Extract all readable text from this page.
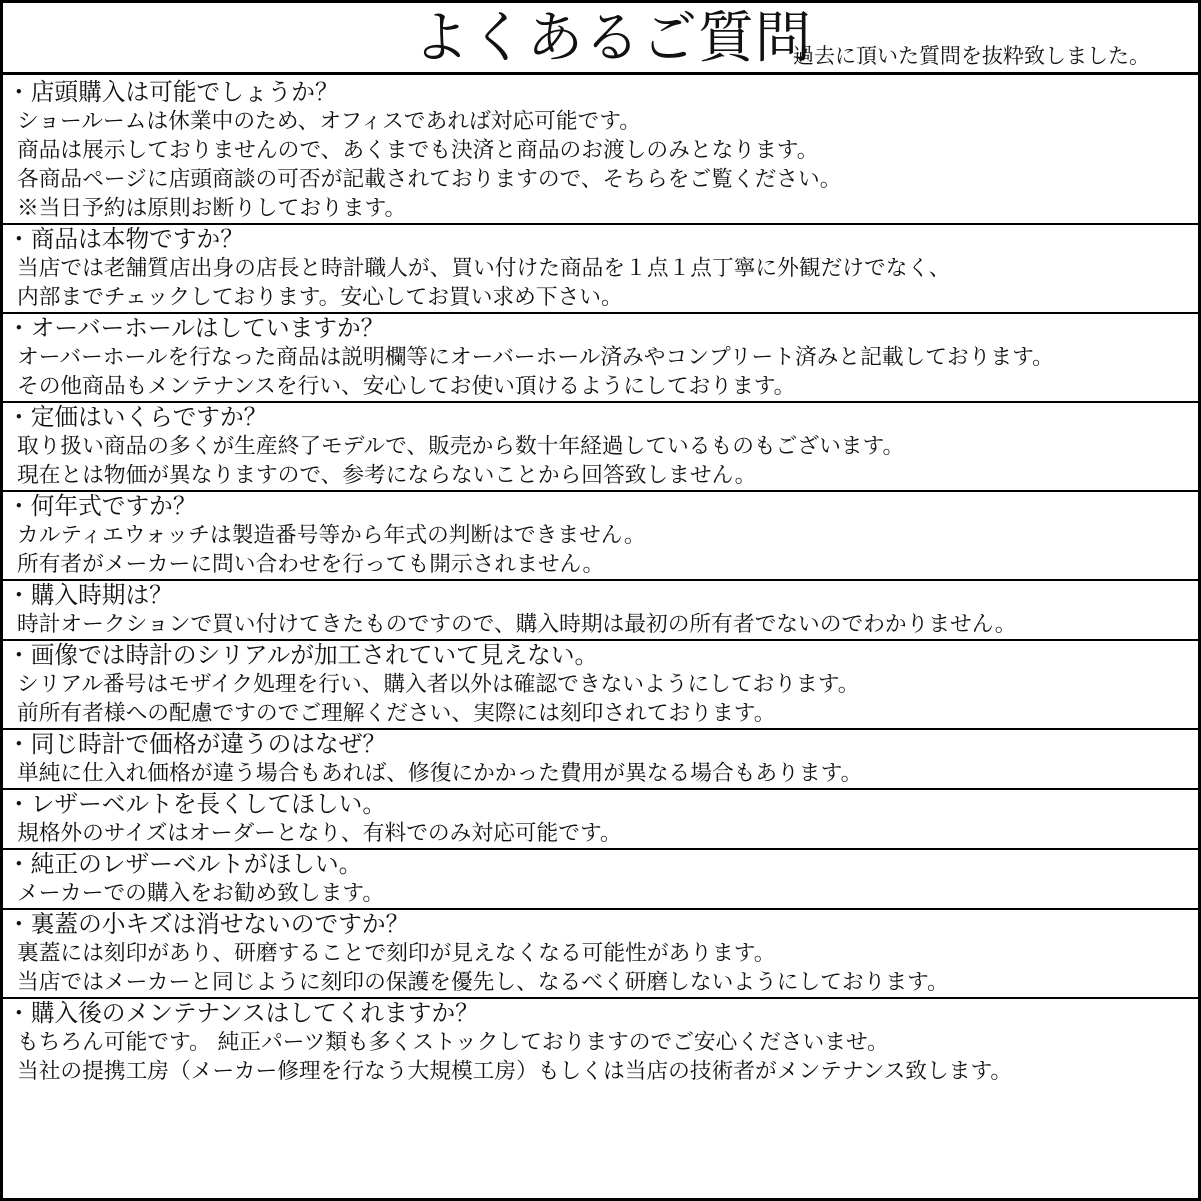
よくあるご質問
過去に頂いた質問を抜粋致しました。
・店頭購入は可能でしょうか？
ショールームは休業中のため、オフィスであれば対応可能です。
商品は展示しておりませんので、あくまでも決済と商品のお渡しのみとなります。
各商品ページに店頭商談の可否が記載されておりますので、そちらをご覧ください。
※当日予約は原則お断りしております。
・商品は本物ですか？
当店では老舗質店出身の店長と時計職人が、買い付けた商品を１点１点丁寧に外観だけでなく、
内部までチェックしております。安心してお買い求め下さい。
・オーバーホールはしていますか？
オーバーホールを行なった商品は説明欄等にオーバーホール済みやコンプリート済みと記載しております。
その他商品もメンテナンスを行い、安心してお使い頂けるようにしております。
・定価はいくらですか？
取り扱い商品の多くが生産終了モデルで、販売から数十年経過しているものもございます。
現在とは物価が異なりますので、参考にならないことから回答致しません。
・何年式ですか？
カルティエウォッチは製造番号等から年式の判断はできません。
所有者がメーカーに問い合わせを行っても開示されません。
・購入時期は？
時計オークションで買い付けてきたものですので、購入時期は最初の所有者でないのでわかりません。
・画像では時計のシリアルが加工されていて見えない。
シリアル番号はモザイク処理を行い、購入者以外は確認できないようにしております。
前所有者様への配慮ですのでご理解ください、実際には刻印されております。
・同じ時計で価格が違うのはなぜ？
単純に仕入れ価格が違う場合もあれば、修復にかかった費用が異なる場合もあります。
・レザーベルトを長くしてほしい。
規格外のサイズはオーダーとなり、有料でのみ対応可能です。
・純正のレザーベルトがほしい。
メーカーでの購入をお勧め致します。
・裏蓋の小キズは消せないのですか？
裏蓋には刻印があり、研磨することで刻印が見えなくなる可能性があります。
当店ではメーカーと同じように刻印の保護を優先し、なるべく研磨しないようにしております。
・購入後のメンテナンスはしてくれますか？
もちろん可能です。 純正パーツ類も多くストックしておりますのでご安心くださいませ。
当社の提携工房（メーカー修理を行なう大規模工房）もしくは当店の技術者がメンテナンス致します。
